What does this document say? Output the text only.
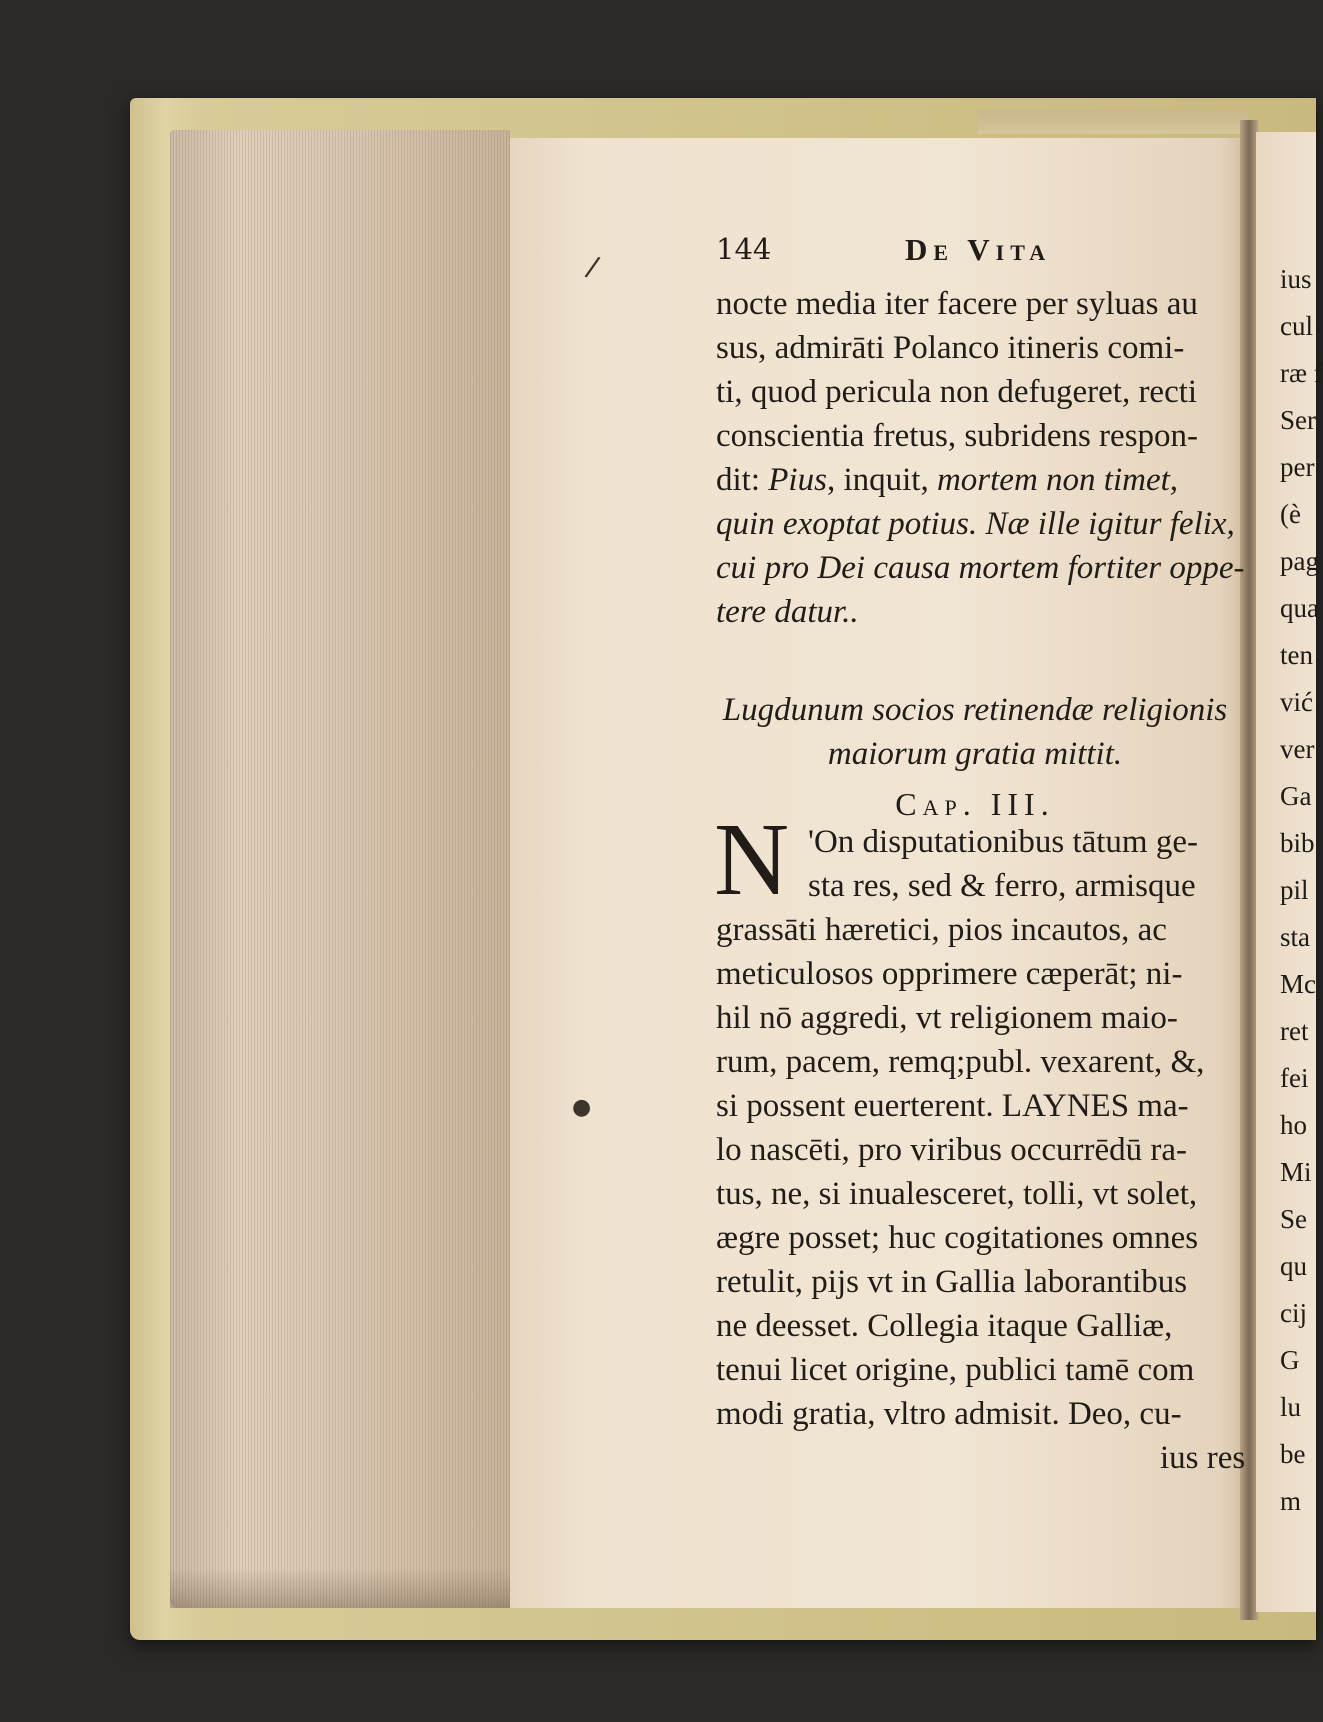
ius
cul
ræ f
Ser
per
(è
pag
qua
ten
vić
ver
Ga
bib
pil
sta
Mc
ret
fei
ho
Mi
Se
qu
cij
G
lu
be
m
/
●
144	De Vita
nocte media iter facere per syluas au
sus, admirāti Polanco itineris comi-
ti, quod pericula non defugeret, recti
conscientia fretus, subridens respon-
dit: Pius, inquit, mortem non timet,
quin exoptat potius. Næ ille igitur felix,
cui pro Dei causa mortem fortiter oppe-
tere datur..
Lugdunum socios retinendæ religionis
maiorum gratia mittit.
Cap. III.
N 'On disputationibus tātum ge-
sta res, sed & ferro, armisque
grassāti hæretici, pios incautos, ac
meticulosos opprimere cæperāt; ni-
hil nō aggredi, vt religionem maio-
rum, pacem, remq;publ. vexarent, &,
si possent euerterent. LAYNES ma-
lo nascēti, pro viribus occurrēdū ra-
tus, ne, si inualesceret, tolli, vt solet,
ægre posset; huc cogitationes omnes
retulit, pijs vt in Gallia laborantibus
ne deesset. Collegia itaque Galliæ,
tenui licet origine, publici tamē com
modi gratia, vltro admisit. Deo, cu-
ius res
